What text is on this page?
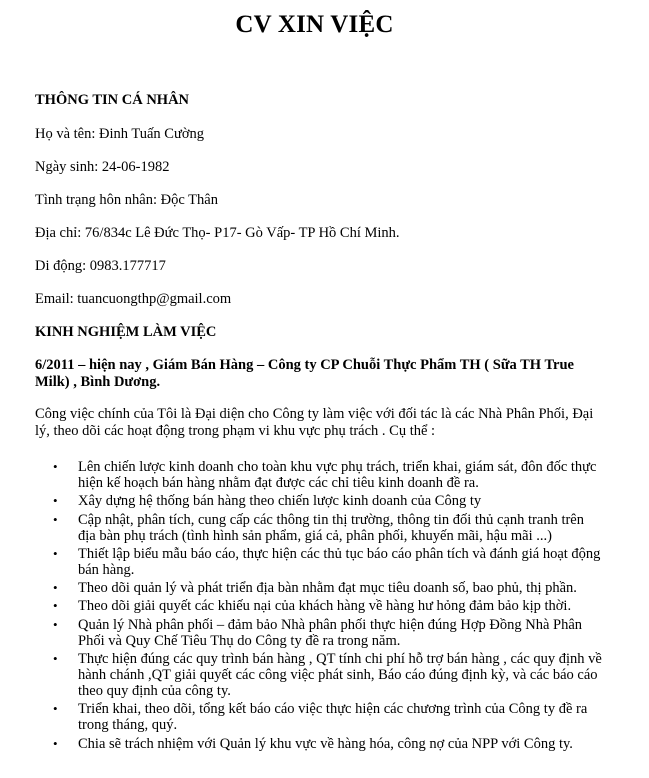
CV XIN VIỆC

THÔNG TIN CÁ NHÂN

Họ và tên: Đinh Tuấn Cường

Ngày sinh: 24-06-1982

Tình trạng hôn nhân: Độc Thân

Địa chỉ: 76/834c Lê Đức Thọ- P17- Gò Vấp- TP Hồ Chí Minh.

Di động: 0983.177717

Email: tuancuongthp@gmail.com

KINH NGHIỆM LÀM VIỆC

6/2011 – hiện nay , Giám Bán Hàng – Công ty CP Chuỗi Thực Phẩm TH ( Sữa TH True Milk) , Bình Dương.

Công việc chính của Tôi là Đại diện cho Công ty làm việc với đối tác là các Nhà Phân Phối, Đại lý, theo dõi các hoạt động trong phạm vi khu vực phụ trách . Cụ thể :

• Lên chiến lược kinh doanh cho toàn khu vực phụ trách, triển khai, giám sát, đôn đốc thực hiện kế hoạch bán hàng nhằm đạt được các chỉ tiêu kinh doanh đề ra.
• Xây dựng hệ thống bán hàng theo chiến lược kinh doanh của Công ty
• Cập nhật, phân tích, cung cấp các thông tin thị trường, thông tin đối thủ cạnh tranh trên địa bàn phụ trách (tình hình sản phẩm, giá cả, phân phối, khuyến mãi, hậu mãi ...)
• Thiết lập biểu mẫu báo cáo, thực hiện các thủ tục báo cáo phân tích và đánh giá hoạt động bán hàng.
• Theo dõi quản lý và phát triển địa bàn nhằm đạt mục tiêu doanh số, bao phủ, thị phần.
• Theo dõi giải quyết các khiếu nại của khách hàng về hàng hư hỏng đảm bảo kịp thời.
• Quản lý Nhà phân phối – đảm bảo Nhà phân phối thực hiện đúng Hợp Đồng Nhà Phân Phối và Quy Chế Tiêu Thụ do Công ty đề ra trong năm.
• Thực hiện đúng các quy trình bán hàng , QT tính chi phí hỗ trợ bán hàng , các quy định về hành chánh ,QT giải quyết các công việc phát sinh, Báo cáo đúng định kỳ, và các báo cáo theo quy định của công ty.
• Triển khai, theo dõi, tổng kết báo cáo việc thực hiện các chương trình của Công ty đề ra trong tháng, quý.
• Chia sẽ trách nhiệm với Quản lý khu vực về hàng hóa, công nợ của NPP với Công ty.
